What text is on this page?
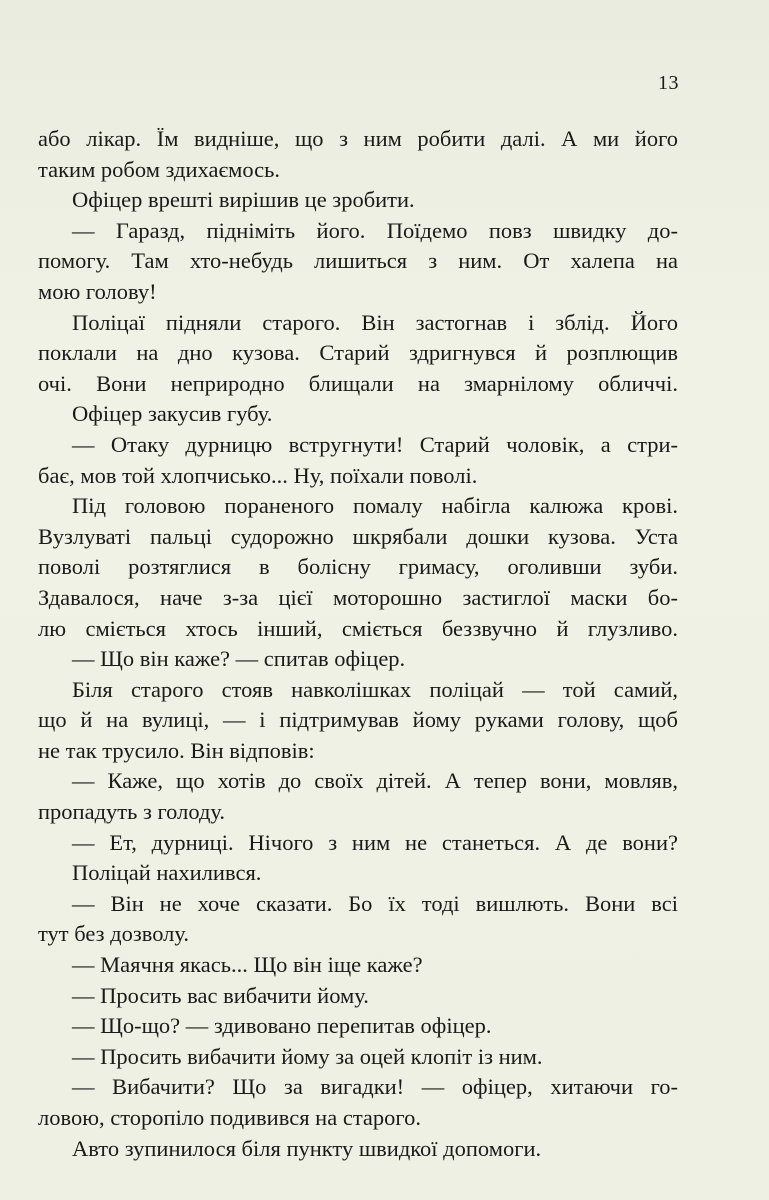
13
або лікар. Їм видніше, що з ним робити далі. А ми його
таким робом здихаємось.
Офіцер врешті вирішив це зробити.
— Гаразд, підніміть його. Поїдемо повз швидку до-
помогу. Там хто-небудь лишиться з ним. От халепа на
мою голову!
Поліцаї підняли старого. Він застогнав і зблід. Його
поклали на дно кузова. Старий здригнувся й розплющив
очі. Вони неприродно блищали на змарнілому обличчі.
Офіцер закусив губу.
— Отаку дурницю встругнути! Старий чоловік, а стри-
бає, мов той хлопчисько... Ну, поїхали поволі.
Під головою пораненого помалу набігла калюжа крові.
Вузлуваті пальці судорожно шкрябали дошки кузова. Уста
поволі розтяглися в болісну гримасу, оголивши зуби.
Здавалося, наче з-за цієї моторошно застиглої маски бо-
лю сміється хтось інший, сміється беззвучно й глузливо.
— Що він каже? — спитав офіцер.
Біля старого стояв навколішках поліцай — той самий,
що й на вулиці, — і підтримував йому руками голову, щоб
не так трусило. Він відповів:
— Каже, що хотів до своїх дітей. А тепер вони, мовляв,
пропадуть з голоду.
— Ет, дурниці. Нічого з ним не станеться. А де вони?
Поліцай нахилився.
— Він не хоче сказати. Бо їх тоді вишлють. Вони всі
тут без дозволу.
— Маячня якась... Що він іще каже?
— Просить вас вибачити йому.
— Що-що? — здивовано перепитав офіцер.
— Просить вибачити йому за оцей клопіт із ним.
— Вибачити? Що за вигадки! — офіцер, хитаючи го-
ловою, сторопіло подивився на старого.
Авто зупинилося біля пункту швидкої допомоги.
